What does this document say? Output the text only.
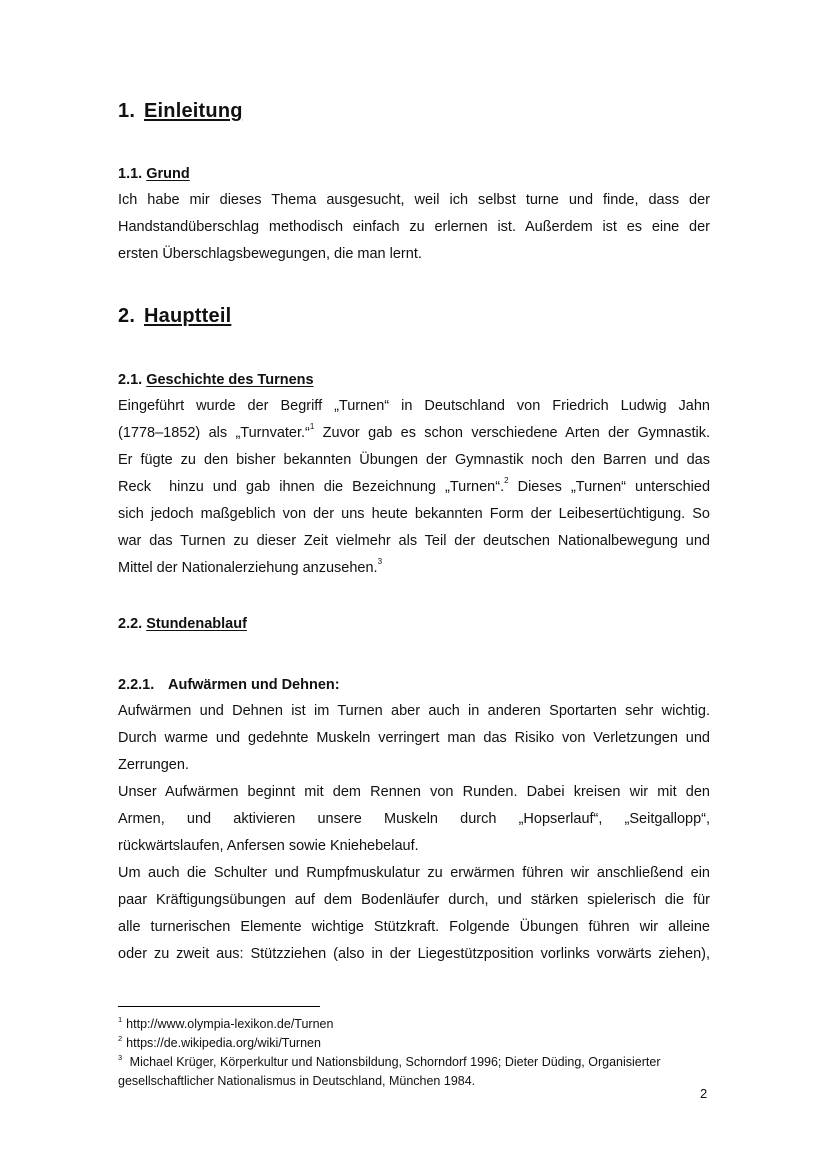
1. Einleitung
1.1. Grund

Ich habe mir dieses Thema ausgesucht, weil ich selbst turne und finde, dass der

Handstandüberschlag methodisch einfach zu erlernen ist. Außerdem ist es eine der

ersten Überschlagsbewegungen, die man lernt.

2. Hauptteil
2.1. Geschichte des Turnens

Eingeführt wurde der Begriff „Turnen“ in Deutschland von Friedrich Ludwig Jahn

(1778–1852) als „Turnvater.“$^1$ Zuvor gab es schon verschiedene Arten der Gymnastik.

Er fügte zu den bisher bekannten Übungen der Gymnastik noch den Barren und das

Reck  hinzu und gab ihnen die Bezeichnung „Turnen“.$^2$ Dieses „Turnen“ unterschied

sich jedoch maßgeblich von der uns heute bekannten Form der Leibesertüchtigung. So

war das Turnen zu dieser Zeit vielmehr als Teil der deutschen Nationalbewegung und

Mittel der Nationalerziehung anzusehen.$^3$

2.2. Stundenablauf
2.2.1. Aufwärmen und Dehnen:

Aufwärmen und Dehnen ist im Turnen aber auch in anderen Sportarten sehr wichtig.

Durch warme und gedehnte Muskeln verringert man das Risiko von Verletzungen und

Zerrungen.

Unser Aufwärmen beginnt mit dem Rennen von Runden. Dabei kreisen wir mit den

Armen, und aktivieren unsere Muskeln durch „Hopserlauf“, „Seitgallopp“,

rückwärtslaufen, Anfersen sowie Kniehebelauf.

Um auch die Schulter und Rumpfmuskulatur zu erwärmen führen wir anschließend ein

paar Kräftigungsübungen auf dem Bodenläufer durch, und stärken spielerisch die für

alle turnerischen Elemente wichtige Stützkraft. Folgende Übungen führen wir alleine

oder zu zweit aus: Stützziehen (also in der Liegestützposition vorlinks vorwärts ziehen),

$^1$ http://www.olympia-lexikon.de/Turnen
$^2$ https://de.wikipedia.org/wiki/Turnen
$^3$ Michael Krüger, Körperkultur und Nationsbildung, Schorndorf 1996; Dieter Düding, Organisierter
gesellschaftlicher Nationalismus in Deutschland, München 1984.
2
